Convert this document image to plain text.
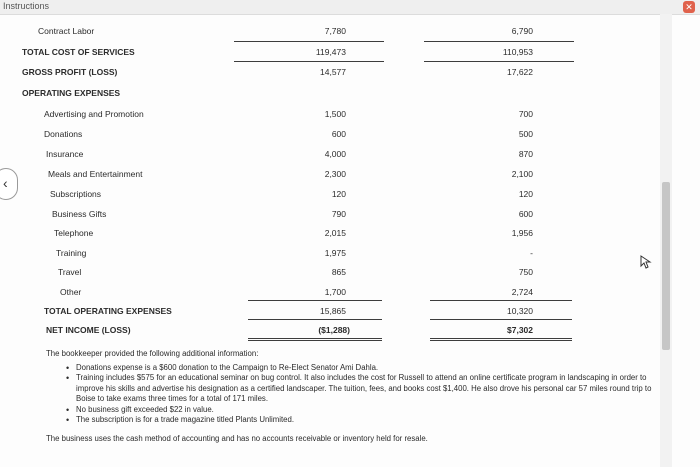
Instructions	✕
Contract Labor	7,780	6,790
TOTAL COST OF SERVICES	119,473	110,953
GROSS PROFIT (LOSS)	14,577	17,622
OPERATING EXPENSES
Advertising and Promotion	1,500	700
Donations	600	500
Insurance	4,000	870
Meals and Entertainment	2,300	2,100
Subscriptions	120	120
Business Gifts	790	600
Telephone	2,015	1,956
Training	1,975	-
Travel	865	750
Other	1,700	2,724
TOTAL OPERATING EXPENSES	15,865	10,320
NET INCOME (LOSS)	($1,288)	$7,302
The bookkeeper provided the following additional information:
• Donations expense is a $600 donation to the Campaign to Re-Elect Senator Ami Dahla.
• Training includes $575 for an educational seminar on bug control. It also includes the cost for Russell to attend an online certificate program in landscaping in order to improve his skills and advertise his designation as a certified landscaper. The tuition, fees, and books cost $1,400. He also drove his personal car 57 miles round trip to Boise to take exams three times for a total of 171 miles.
• No business gift exceeded $22 in value.
• The subscription is for a trade magazine titled Plants Unlimited.
The business uses the cash method of accounting and has no accounts receivable or inventory held for resale.
‹
